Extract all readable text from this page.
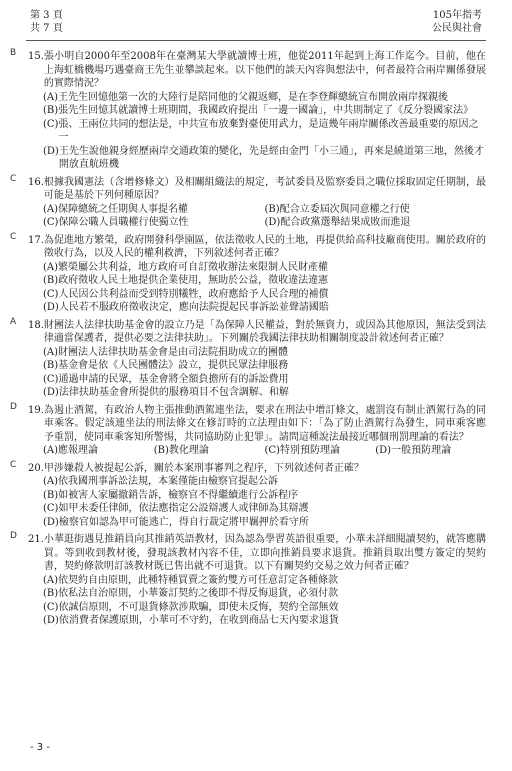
第 3 頁
共 7 頁
105年指考
公民與社會
B 15. 張小明自2000年至2008年在臺灣某大學就讀博士班，他從2011年起到上海工作迄今。目前，他在上海虹橋機場巧遇臺商王先生並攀談起來。以下他們的談天內容與想法中，何者最符合兩岸關係發展的實際情況？
(A) 王先生回憶他第一次的大陸行是陪同他的父親返鄉，是在李登輝總統宣布開放兩岸探親後
(B) 張先生回憶其就讀博士班期間，我國政府提出「一邊一國論」，中共則制定了《反分裂國家法》
(C) 張、王兩位共同的想法是，中共宣布放棄對臺使用武力，是這幾年兩岸關係改善最重要的原因之一
(D) 王先生說他親身經歷兩岸交通政策的變化，先是經由金門「小三通」，再來是繞道第三地，然後才開放直航班機
C 16. 根據我國憲法（含增修條文）及相關組織法的規定，考試委員及監察委員之職位採取固定任期制，最可能是基於下列何種原因？
(A)保障總統之任期與人事提名權	(B)配合立委屆次與同意權之行使
(C)保障公職人員職權行使獨立性	(D)配合政黨選舉結果成敗而進退
C 17. 為促進地方繁榮，政府開發科學園區，依法徵收人民的土地，再提供給高科技廠商使用。關於政府的徵收行為，以及人民的權利救濟，下列敘述何者正確？
(A) 繁榮屬公共利益，地方政府可自訂徵收辦法來限制人民財產權
(B) 政府徵收人民土地提供企業使用，無助於公益，徵收違法違憲
(C) 人民因公共利益而受到特別犧牲，政府應給予人民合理的補償
(D) 人民若不服政府徵收決定，應向法院提起民事訴訟並聲請國賠
A 18. 財團法人法律扶助基金會的設立乃是「為保障人民權益，對於無資力，或因為其他原因，無法受到法律適當保護者，提供必要之法律扶助」。下列關於我國法律扶助相關制度設計敘述何者正確？
(A) 財團法人法律扶助基金會是由司法院捐助成立的團體
(B) 基金會是依《人民團體法》設立，提供民眾法律服務
(C) 通過申請的民眾，基金會將全額負擔所有的訴訟費用
(D) 法律扶助基金會所提供的服務項目不包含調解、和解
D 19. 為遏止酒駕，有政治人物主張推動酒駕連坐法，要求在刑法中增訂條文，處罰沒有制止酒駕行為的同車乘客。假定該連坐法的刑法條文在修訂時的立法理由如下：「為了防止酒駕行為發生，同車乘客應予重罰，使同車乘客知所警惕，共同協助防止犯罪」。請問這種說法最接近哪個刑罰理論的看法？
(A)應報理論	(B)教化理論	(C)特別預防理論	(D)一般預防理論
C 20. 甲涉嫌殺人被提起公訴，關於本案刑事審判之程序，下列敘述何者正確？
(A) 依我國刑事訴訟法規，本案僅能由檢察官提起公訴
(B) 如被害人家屬撤銷告訴，檢察官不得繼續進行公訴程序
(C) 如甲未委任律師，依法應指定公設辯護人或律師為其辯護
(D) 檢察官如認為甲可能逃亡，得自行裁定將甲羈押於看守所
D 21. 小華逛街遇見推銷員向其推銷英語教材，因為認為學習英語很重要，小華未詳細閱讀契約，就答應購買。等到收到教材後，發現該教材內容不佳，立即向推銷員要求退貨。推銷員取出雙方簽定的契約書，契約條款明訂該教材既已售出就不可退貨。以下有關契約交易之效力何者正確？
(A) 依契約自由原則，此種特種買賣之簽約雙方可任意訂定各種條款
(B) 依私法自治原則，小華簽訂契約之後即不得反悔退貨，必須付款
(C) 依誠信原則，不可退貨條款涉欺騙，即使未反悔，契約全部無效
(D) 依消費者保護原則，小華可不守約，在收到商品七天內要求退貨
- 3 -
